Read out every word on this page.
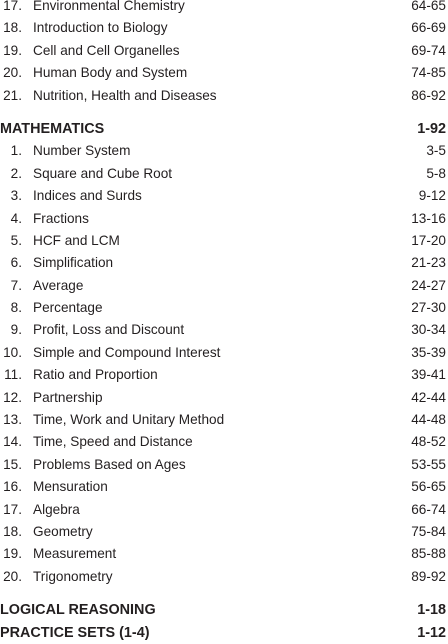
17. Environmental Chemistry	64-65
18. Introduction to Biology	66-69
19. Cell and Cell Organelles	69-74
20. Human Body and System	74-85
21. Nutrition, Health and Diseases	86-92
MATHEMATICS	1-92
1. Number System	3-5
2. Square and Cube Root	5-8
3. Indices and Surds	9-12
4. Fractions	13-16
5. HCF and LCM	17-20
6. Simplification	21-23
7. Average	24-27
8. Percentage	27-30
9. Profit, Loss and Discount	30-34
10. Simple and Compound Interest	35-39
11. Ratio and Proportion	39-41
12. Partnership	42-44
13. Time, Work and Unitary Method	44-48
14. Time, Speed and Distance	48-52
15. Problems Based on Ages	53-55
16. Mensuration	56-65
17. Algebra	66-74
18. Geometry	75-84
19. Measurement	85-88
20. Trigonometry	89-92
LOGICAL REASONING	1-18
PRACTICE SETS (1-4)	1-12
